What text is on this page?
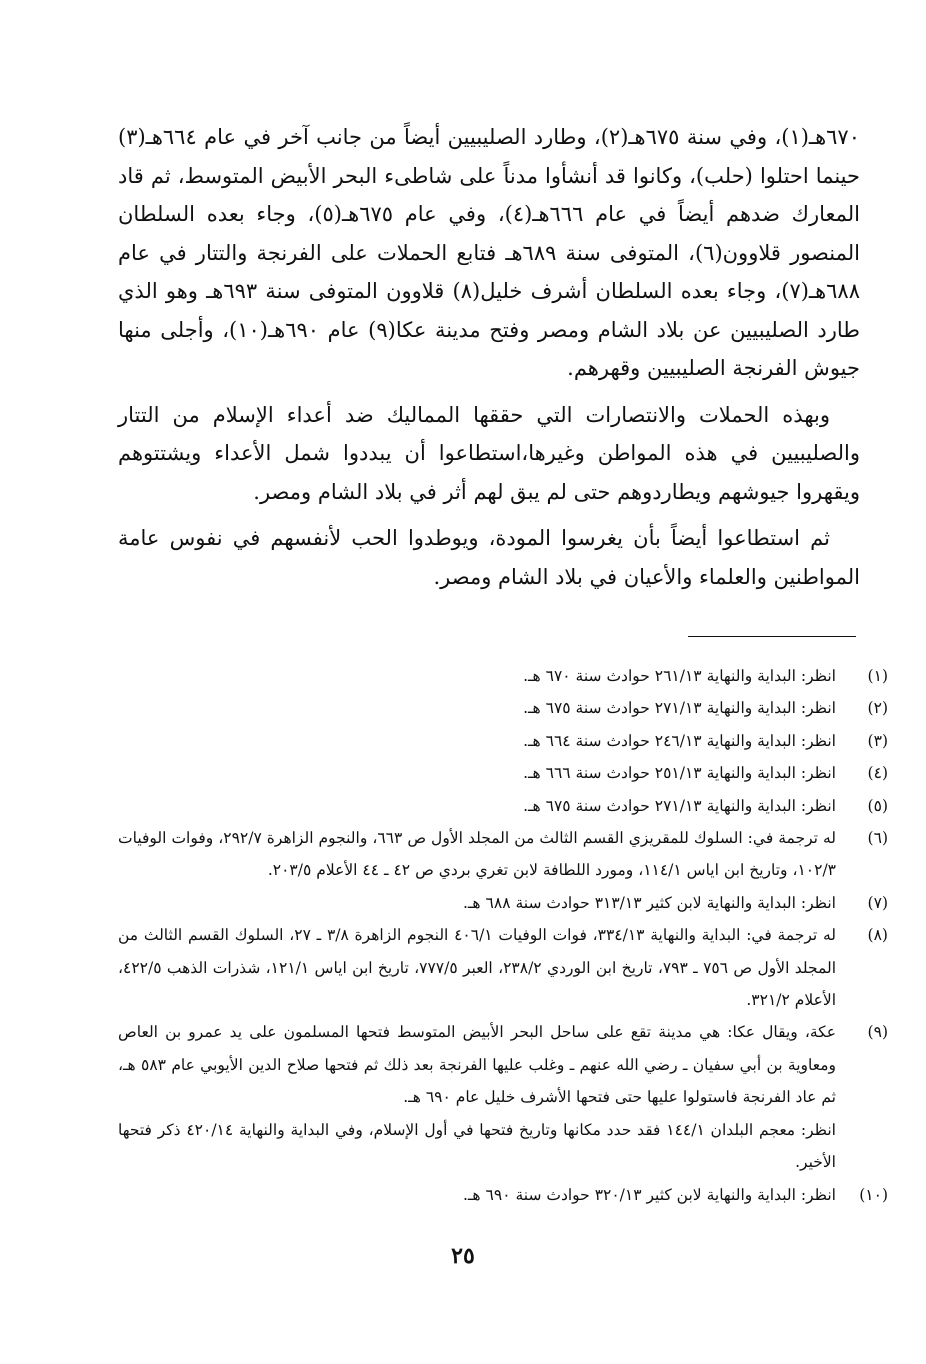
٦٧٠هـ(١)، وفي سنة ٦٧٥هـ(٢)، وطارد الصليبيين أيضاً من جانب آخر في عام ٦٦٤هـ(٣) حينما احتلوا (حلب)، وكانوا قد أنشأوا مدناً على شاطىء البحر الأبيض المتوسط، ثم قاد المعارك ضدهم أيضاً في عام ٦٦٦هـ(٤)، وفي عام ٦٧٥هـ(٥)، وجاء بعده السلطان المنصور قلاوون(٦)، المتوفى سنة ٦٨٩هـ فتابع الحملات على الفرنجة والتتار في عام ٦٨٨هـ(٧)، وجاء بعده السلطان أشرف خليل(٨) قلاوون المتوفى سنة ٦٩٣هـ وهو الذي طارد الصليبيين عن بلاد الشام ومصر وفتح مدينة عكا(٩) عام ٦٩٠هـ(١٠)، وأجلى منها جيوش الفرنجة الصليبيين وقهرهم.

وبهذه الحملات والانتصارات التي حققها المماليك ضد أعداء الإسلام من التتار والصليبيين في هذه المواطن وغيرها،استطاعوا أن يبددوا شمل الأعداء ويشتتوهم ويقهروا جيوشهم ويطاردوهم حتى لم يبق لهم أثر في بلاد الشام ومصر.

ثم استطاعوا أيضاً بأن يغرسوا المودة، ويوطدوا الحب لأنفسهم في نفوس عامة المواطنين والعلماء والأعيان في بلاد الشام ومصر.

(١)انظر: البداية والنهاية ٢٦١/١٣ حوادث سنة ٦٧٠ هـ.

(٢)انظر: البداية والنهاية ٢٧١/١٣ حوادث سنة ٦٧٥ هـ.

(٣)انظر: البداية والنهاية ٢٤٦/١٣ حوادث سنة ٦٦٤ هـ.

(٤)انظر: البداية والنهاية ٢٥١/١٣ حوادث سنة ٦٦٦ هـ.

(٥)انظر: البداية والنهاية ٢٧١/١٣ حوادث سنة ٦٧٥ هـ.

(٦)له ترجمة في: السلوك للمقريزي القسم الثالث من المجلد الأول ص ٦٦٣، والنجوم الزاهرة ٢٩٢/٧، وفوات الوفيات ١٠٢/٣، وتاريخ ابن اياس ١١٤/١، ومورد اللطافة لابن تغري بردي ص ٤٢ ـ ٤٤ الأعلام ٢٠٣/٥.

(٧)انظر: البداية والنهاية لابن كثير ٣١٣/١٣ حوادث سنة ٦٨٨ هـ.

(٨)له ترجمة في: البداية والنهاية ٣٣٤/١٣، فوات الوفيات ٤٠٦/١ النجوم الزاهرة ٣/٨ ـ ٢٧، السلوك القسم الثالث من المجلد الأول ص ٧٥٦ ـ ٧٩٣، تاريخ ابن الوردي ٢٣٨/٢، العبر ٧٧٧/٥، تاريخ ابن اياس ١٢١/١، شذرات الذهب ٤٢٢/٥، الأعلام ٣٢١/٢.

(٩)عكة، ويقال عكا: هي مدينة تقع على ساحل البحر الأبيض المتوسط فتحها المسلمون على يد عمرو بن العاص ومعاوية بن أبي سفيان ـ رضي الله عنهم ـ وغلب عليها الفرنجة بعد ذلك ثم فتحها صلاح الدين الأيوبي عام ٥٨٣ هـ، ثم عاد الفرنجة فاستولوا عليها حتى فتحها الأشرف خليل عام ٦٩٠ هـ.

انظر: معجم البلدان ١٤٤/١ فقد حدد مكانها وتاريخ فتحها في أول الإسلام، وفي البداية والنهاية ٤٢٠/١٤ ذكر فتحها الأخير.

(١٠)انظر: البداية والنهاية لابن كثير ٣٢٠/١٣ حوادث سنة ٦٩٠ هـ.

٢٥
